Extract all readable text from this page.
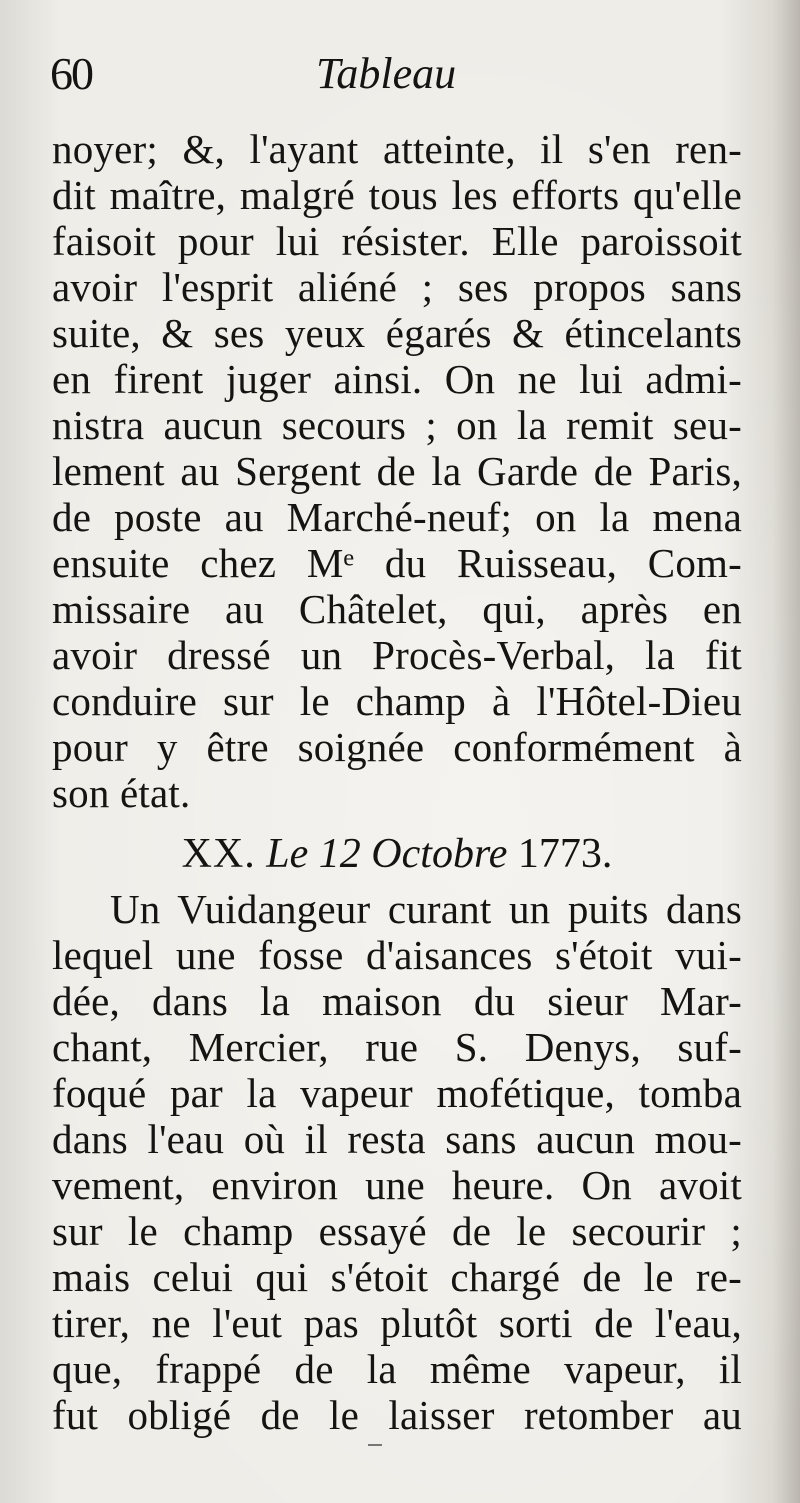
60	Tableau
noyer; &, l'ayant atteinte, il s'en ren-
dit maître, malgré tous les efforts qu'elle
faisoit pour lui résister. Elle paroissoit
avoir l'esprit aliéné ; ses propos sans
suite, & ses yeux égarés & étincelants
en firent juger ainsi. On ne lui admi-
nistra aucun secours ; on la remit seu-
lement au Sergent de la Garde de Paris,
de poste au Marché-neuf; on la mena
ensuite chez Mᵉ du Ruisseau, Com-
missaire au Châtelet, qui, après en
avoir dressé un Procès-Verbal, la fit
conduire sur le champ à l'Hôtel-Dieu
pour y être soignée conformément à
son état.
XX. Le 12 Octobre 1773.
Un Vuidangeur curant un puits dans
lequel une fosse d'aisances s'étoit vui-
dée, dans la maison du sieur Mar-
chant, Mercier, rue S. Denys, suf-
foqué par la vapeur mofétique, tomba
dans l'eau où il resta sans aucun mou-
vement, environ une heure. On avoit
sur le champ essayé de le secourir ;
mais celui qui s'étoit chargé de le re-
tirer, ne l'eut pas plutôt sorti de l'eau,
que, frappé de la même vapeur, il
fut obligé de le laisser retomber au
